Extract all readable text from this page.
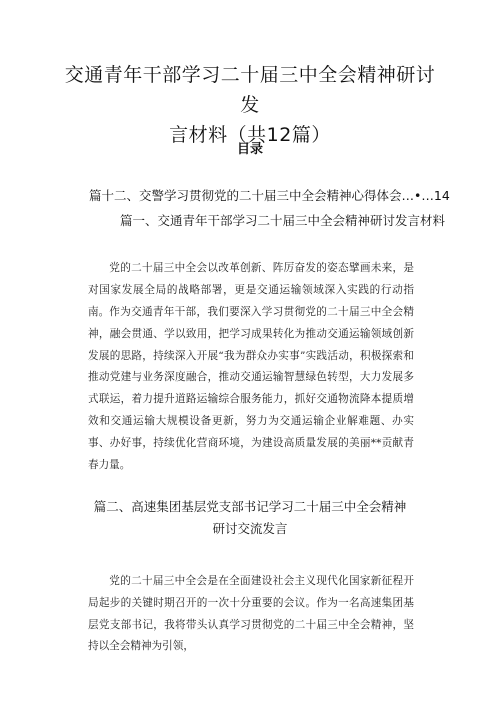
交通青年干部学习二十届三中全会精神研讨发
言材料（共12篇）
目录
篇十二、交警学习贯彻党的二十届三中全会精神心得体会…•…14
篇一、交通青年干部学习二十届三中全会精神研讨发言材料
党的二十届三中全会以改革创新、阵厉奋发的姿态擘画未来，是对国家发展全局的战略部署，更是交通运输领域深入实践的行动指南。 作为交通青年干部，我们要深入学习贯彻党的二十届三中全会精神，融会贯通、学以致用，把学习成果转化为推动交通运输领域创新发展的思路，持续深入开展“我为群众办实事”实践活动，积极探索和推动党建与业务深度融合，推动交通运输智慧绿色转型，大力发展多式联运，着力提升道路运输综合服务能力，抓好交通物流降本提质增效和交通运输大规模设备更新，努力为交通运输企业解难题、办实事、办好事，持续优化营商环境，为建设高质量发展的美丽**贡献青春力量。
篇二、高速集团基层党支部书记学习二十届三中全会精神
研讨交流发言
党的二十届三中全会是在全面建设社会主义现代化国家新征程开局起步的关键时期召开的一次十分重要的会议。作为一名高速集团基层党支部书记，我将带头认真学习贯彻党的二十届三中全会精神，坚持以全会精神为引领，
